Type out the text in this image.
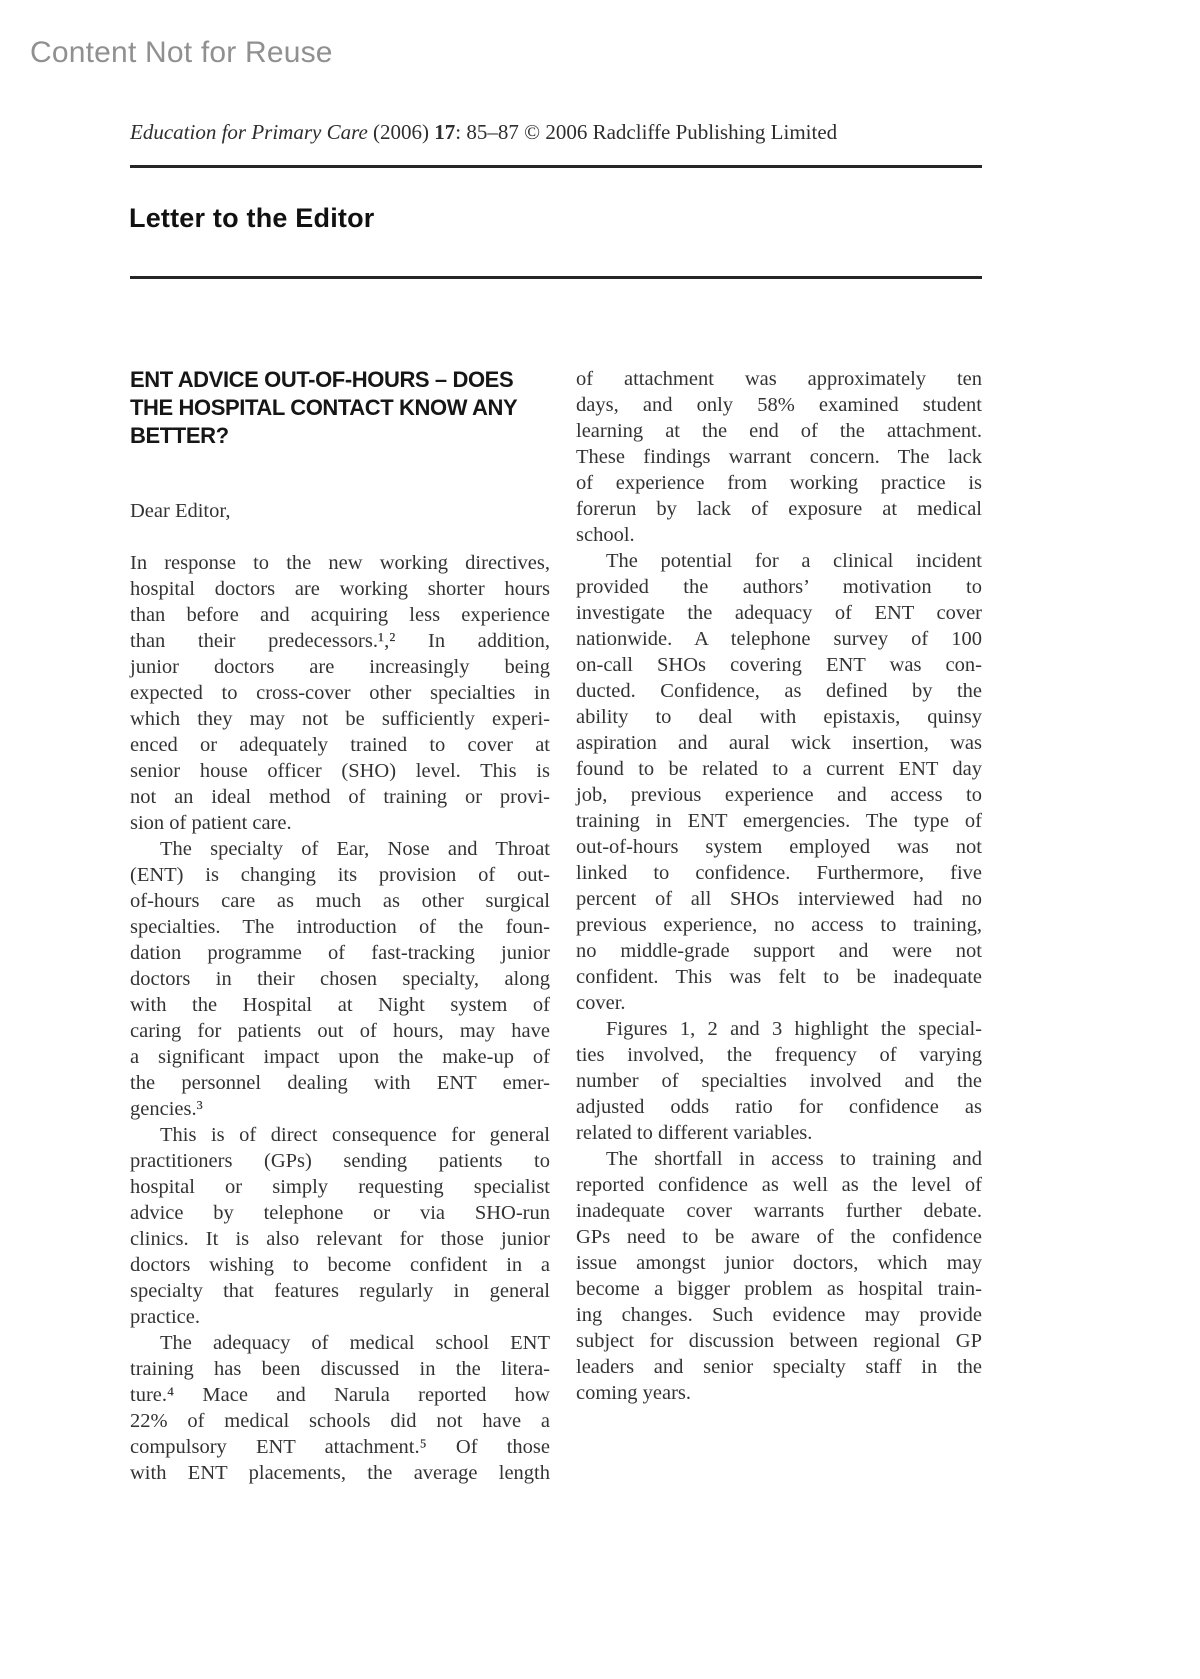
Content Not for Reuse
Education for Primary Care (2006) 17: 85–87 © 2006 Radcliffe Publishing Limited
Letter to the Editor
ENT ADVICE OUT-OF-HOURS – DOES
THE HOSPITAL CONTACT KNOW ANY
BETTER?
Dear Editor,
In response to the new working directives,
hospital doctors are working shorter hours
than before and acquiring less experience
than their predecessors.¹,² In addition,
junior doctors are increasingly being
expected to cross-cover other specialties in
which they may not be sufficiently experi-
enced or adequately trained to cover at
senior house officer (SHO) level. This is
not an ideal method of training or provi-
sion of patient care.
The specialty of Ear, Nose and Throat
(ENT) is changing its provision of out-
of-hours care as much as other surgical
specialties. The introduction of the foun-
dation programme of fast-tracking junior
doctors in their chosen specialty, along
with the Hospital at Night system of
caring for patients out of hours, may have
a significant impact upon the make-up of
the personnel dealing with ENT emer-
gencies.³
This is of direct consequence for general
practitioners (GPs) sending patients to
hospital or simply requesting specialist
advice by telephone or via SHO-run
clinics. It is also relevant for those junior
doctors wishing to become confident in a
specialty that features regularly in general
practice.
The adequacy of medical school ENT
training has been discussed in the litera-
ture.⁴ Mace and Narula reported how
22% of medical schools did not have a
compulsory ENT attachment.⁵ Of those
with ENT placements, the average length
of attachment was approximately ten
days, and only 58% examined student
learning at the end of the attachment.
These findings warrant concern. The lack
of experience from working practice is
forerun by lack of exposure at medical
school.
The potential for a clinical incident
provided the authors’ motivation to
investigate the adequacy of ENT cover
nationwide. A telephone survey of 100
on-call SHOs covering ENT was con-
ducted. Confidence, as defined by the
ability to deal with epistaxis, quinsy
aspiration and aural wick insertion, was
found to be related to a current ENT day
job, previous experience and access to
training in ENT emergencies. The type of
out-of-hours system employed was not
linked to confidence. Furthermore, five
percent of all SHOs interviewed had no
previous experience, no access to training,
no middle-grade support and were not
confident. This was felt to be inadequate
cover.
Figures 1, 2 and 3 highlight the special-
ties involved, the frequency of varying
number of specialties involved and the
adjusted odds ratio for confidence as
related to different variables.
The shortfall in access to training and
reported confidence as well as the level of
inadequate cover warrants further debate.
GPs need to be aware of the confidence
issue amongst junior doctors, which may
become a bigger problem as hospital train-
ing changes. Such evidence may provide
subject for discussion between regional GP
leaders and senior specialty staff in the
coming years.
